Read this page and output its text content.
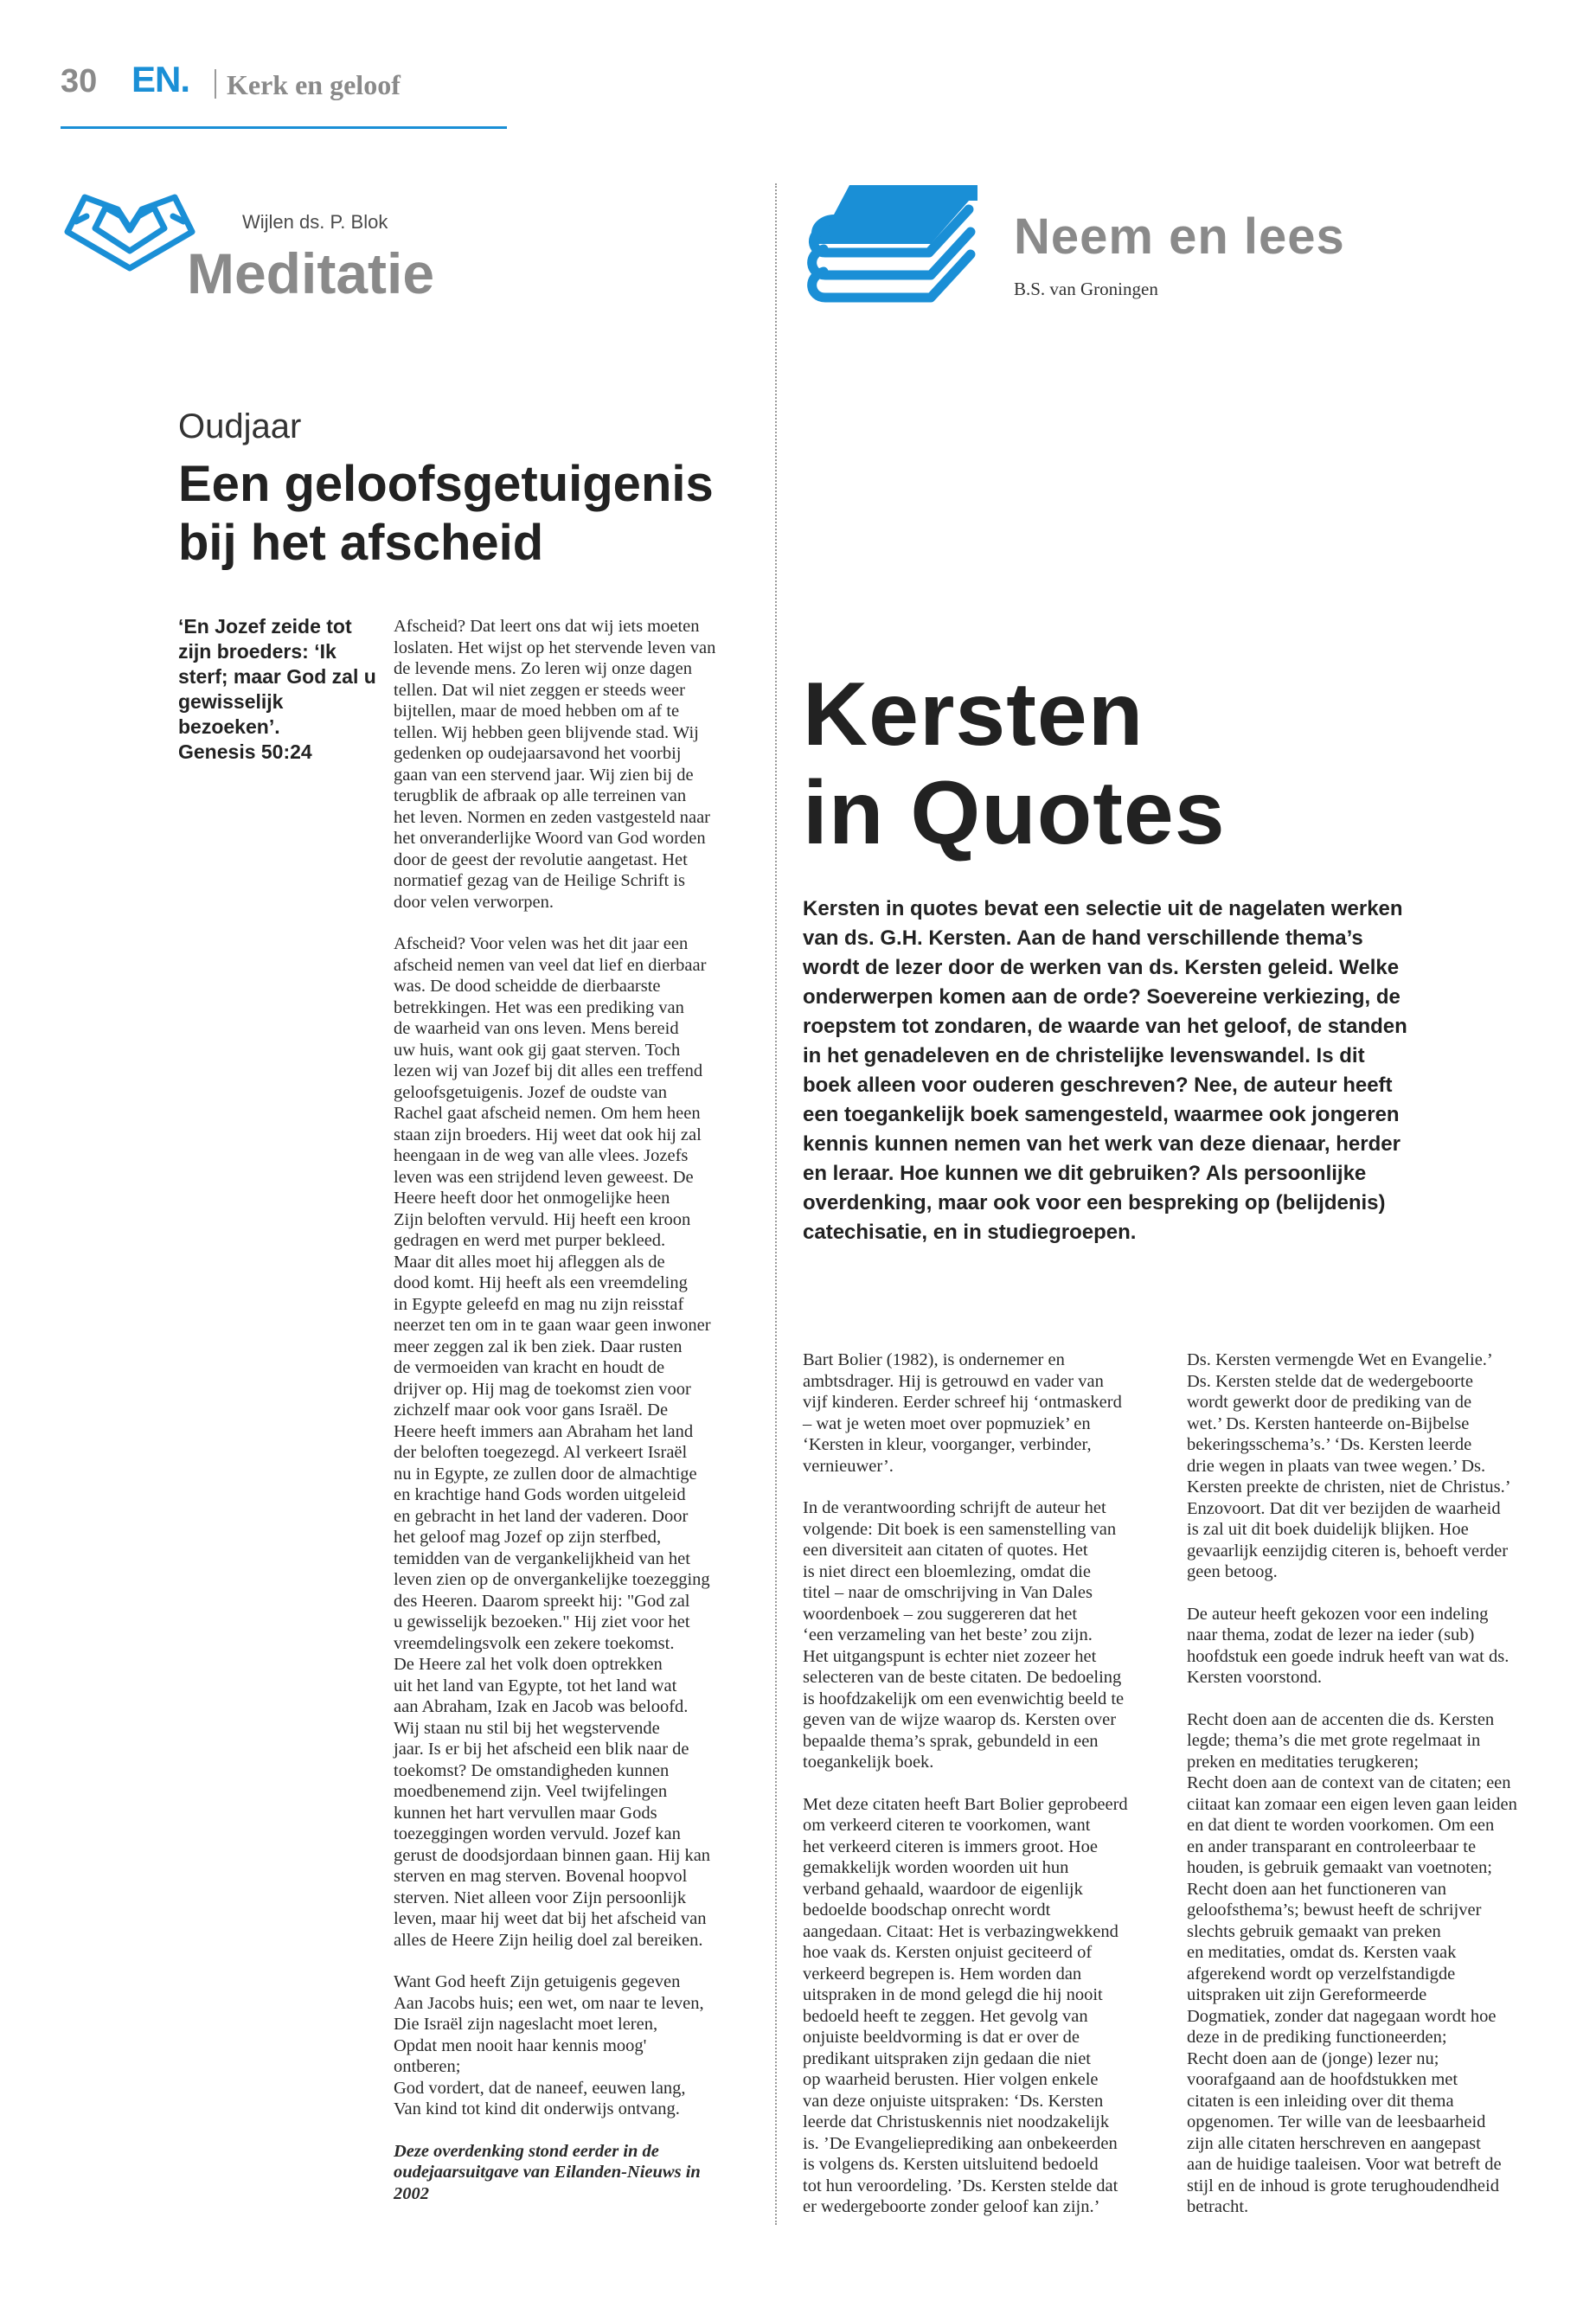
30 EN. Kerk en geloof
Wijlen ds. P. Blok
Meditatie
Oudjaar
Een geloofsgetuigenis
bij het afscheid
‘En Jozef zeide tot zijn broeders: ‘Ik sterf; maar God zal u gewisselijk bezoeken’.
Genesis 50:24

Afscheid? Dat leert ons dat wij iets moeten
loslaten. Het wijst op het stervende leven van
de levende mens. Zo leren wij onze dagen
tellen. Dat wil niet zeggen er steeds weer
bijtellen, maar de moed hebben om af te
tellen. Wij hebben geen blijvende stad. Wij
gedenken op oudejaarsavond het voorbij
gaan van een stervend jaar. Wij zien bij de
terugblik de afbraak op alle terreinen van
het leven. Normen en zeden vastgesteld naar
het onveranderlijke Woord van God worden
door de geest der revolutie aangetast. Het
normatief gezag van de Heilige Schrift is
door velen verworpen.

Afscheid? Voor velen was het dit jaar een
afscheid nemen van veel dat lief en dierbaar
was. De dood scheidde de dierbaarste
betrekkingen. Het was een prediking van
de waarheid van ons leven. Mens bereid
uw huis, want ook gij gaat sterven. Toch
lezen wij van Jozef bij dit alles een treffend
geloofsgetuigenis. Jozef de oudste van
Rachel gaat afscheid nemen. Om hem heen
staan zijn broeders. Hij weet dat ook hij zal
heengaan in de weg van alle vlees. Jozefs
leven was een strijdend leven geweest. De
Heere heeft door het onmogelijke heen
Zijn beloften vervuld. Hij heeft een kroon
gedragen en werd met purper bekleed.
Maar dit alles moet hij afleggen als de
dood komt. Hij heeft als een vreemdeling
in Egypte geleefd en mag nu zijn reisstaf
neerzet ten om in te gaan waar geen inwoner
meer zeggen zal ik ben ziek. Daar rusten
de vermoeiden van kracht en houdt de
drijver op. Hij mag de toekomst zien voor
zichzelf maar ook voor gans Israël. De
Heere heeft immers aan Abraham het land
der beloften toegezegd. Al verkeert Israël
nu in Egypte, ze zullen door de almachtige
en krachtige hand Gods worden uitgeleid
en gebracht in het land der vaderen. Door
het geloof mag Jozef op zijn sterfbed,
temidden van de vergankelijkheid van het
leven zien op de onvergankelijke toezegging
des Heeren. Daarom spreekt hij: "God zal
u gewisselijk bezoeken." Hij ziet voor het
vreemdelingsvolk een zekere toekomst.
De Heere zal het volk doen optrekken
uit het land van Egypte, tot het land wat
aan Abraham, Izak en Jacob was beloofd.
Wij staan nu stil bij het wegstervende
jaar. Is er bij het afscheid een blik naar de
toekomst? De omstandigheden kunnen
moedbenemend zijn. Veel twijfelingen
kunnen het hart vervullen maar Gods
toezeggingen worden vervuld. Jozef kan
gerust de doodsjordaan binnen gaan. Hij kan
sterven en mag sterven. Bovenal hoopvol
sterven. Niet alleen voor Zijn persoonlijk
leven, maar hij weet dat bij het afscheid van
alles de Heere Zijn heilig doel zal bereiken.

Want God heeft Zijn getuigenis gegeven
Aan Jacobs huis; een wet, om naar te leven,
Die Israël zijn nageslacht moet leren,
Opdat men nooit haar kennis moog'
ontberen;
God vordert, dat de naneef, eeuwen lang,
Van kind tot kind dit onderwijs ontvang.

Deze overdenking stond eerder in de
oudejaarsuitgave van Eilanden-Nieuws in
2002

Neem en lees
B.S. van Groningen
Kersten
in Quotes
Kersten in quotes bevat een selectie uit de nagelaten werken
van ds. G.H. Kersten. Aan de hand verschillende thema’s
wordt de lezer door de werken van ds. Kersten geleid. Welke
onderwerpen komen aan de orde? Soevereine verkiezing, de
roepstem tot zondaren, de waarde van het geloof, de standen
in het genadeleven en de christelijke levenswandel. Is dit
boek alleen voor ouderen geschreven? Nee, de auteur heeft
een toegankelijk boek samengesteld, waarmee ook jongeren
kennis kunnen nemen van het werk van deze dienaar, herder
en leraar. Hoe kunnen we dit gebruiken? Als persoonlijke
overdenking, maar ook voor een bespreking op (belijdenis)
catechisatie, en in studiegroepen.

Bart Bolier (1982), is ondernemer en
ambtsdrager. Hij is getrouwd en vader van
vijf kinderen. Eerder schreef hij ‘ontmaskerd
– wat je weten moet over popmuziek’ en
‘Kersten in kleur, voorganger, verbinder,
vernieuwer’.

In de verantwoording schrijft de auteur het
volgende: Dit boek is een samenstelling van
een diversiteit aan citaten of quotes. Het
is niet direct een bloemlezing, omdat die
titel – naar de omschrijving in Van Dales
woordenboek – zou suggereren dat het
‘een verzameling van het beste’ zou zijn.
Het uitgangspunt is echter niet zozeer het
selecteren van de beste citaten. De bedoeling
is hoofdzakelijk om een evenwichtig beeld te
geven van de wijze waarop ds. Kersten over
bepaalde thema’s sprak, gebundeld in een
toegankelijk boek.

Met deze citaten heeft Bart Bolier geprobeerd
om verkeerd citeren te voorkomen, want
het verkeerd citeren is immers groot. Hoe
gemakkelijk worden woorden uit hun
verband gehaald, waardoor de eigenlijk
bedoelde boodschap onrecht wordt
aangedaan. Citaat: Het is verbazingwekkend
hoe vaak ds. Kersten onjuist geciteerd of
verkeerd begrepen is. Hem worden dan
uitspraken in de mond gelegd die hij nooit
bedoeld heeft te zeggen. Het gevolg van
onjuiste beeldvorming is dat er over de
predikant uitspraken zijn gedaan die niet
op waarheid berusten. Hier volgen enkele
van deze onjuiste uitspraken: ‘Ds. Kersten
leerde dat Christuskennis niet noodzakelijk
is. ’De Evangelieprediking aan onbekeerden
is volgens ds. Kersten uitsluitend bedoeld
tot hun veroordeling. ’Ds. Kersten stelde dat
er wedergeboorte zonder geloof kan zijn.’

Ds. Kersten vermengde Wet en Evangelie.’
Ds. Kersten stelde dat de wedergeboorte
wordt gewerkt door de prediking van de
wet.’ Ds. Kersten hanteerde on-Bijbelse
bekeringsschema’s.’ ‘Ds. Kersten leerde
drie wegen in plaats van twee wegen.’ Ds.
Kersten preekte de christen, niet de Christus.’
Enzovoort. Dat dit ver bezijden de waarheid
is zal uit dit boek duidelijk blijken. Hoe
gevaarlijk eenzijdig citeren is, behoeft verder
geen betoog.

De auteur heeft gekozen voor een indeling
naar thema, zodat de lezer na ieder (sub)
hoofdstuk een goede indruk heeft van wat ds.
Kersten voorstond.

Recht doen aan de accenten die ds. Kersten
legde; thema’s die met grote regelmaat in
preken en meditaties terugkeren;
Recht doen aan de context van de citaten; een
ciitaat kan zomaar een eigen leven gaan leiden
en dat dient te worden voorkomen. Om een
en ander transparant en controleerbaar te
houden, is gebruik gemaakt van voetnoten;
Recht doen aan het functioneren van
geloofsthema’s; bewust heeft de schrijver
slechts gebruik gemaakt van preken
en meditaties, omdat ds. Kersten vaak
afgerekend wordt op verzelfstandigde
uitspraken uit zijn Gereformeerde
Dogmatiek, zonder dat nagegaan wordt hoe
deze in de prediking functioneerden;
Recht doen aan de (jonge) lezer nu;
voorafgaand aan de hoofdstukken met
citaten is een inleiding over dit thema
opgenomen. Ter wille van de leesbaarheid
zijn alle citaten herschreven en aangepast
aan de huidige taaleisen. Voor wat betreft de
stijl en de inhoud is grote terughoudendheid
betracht.
